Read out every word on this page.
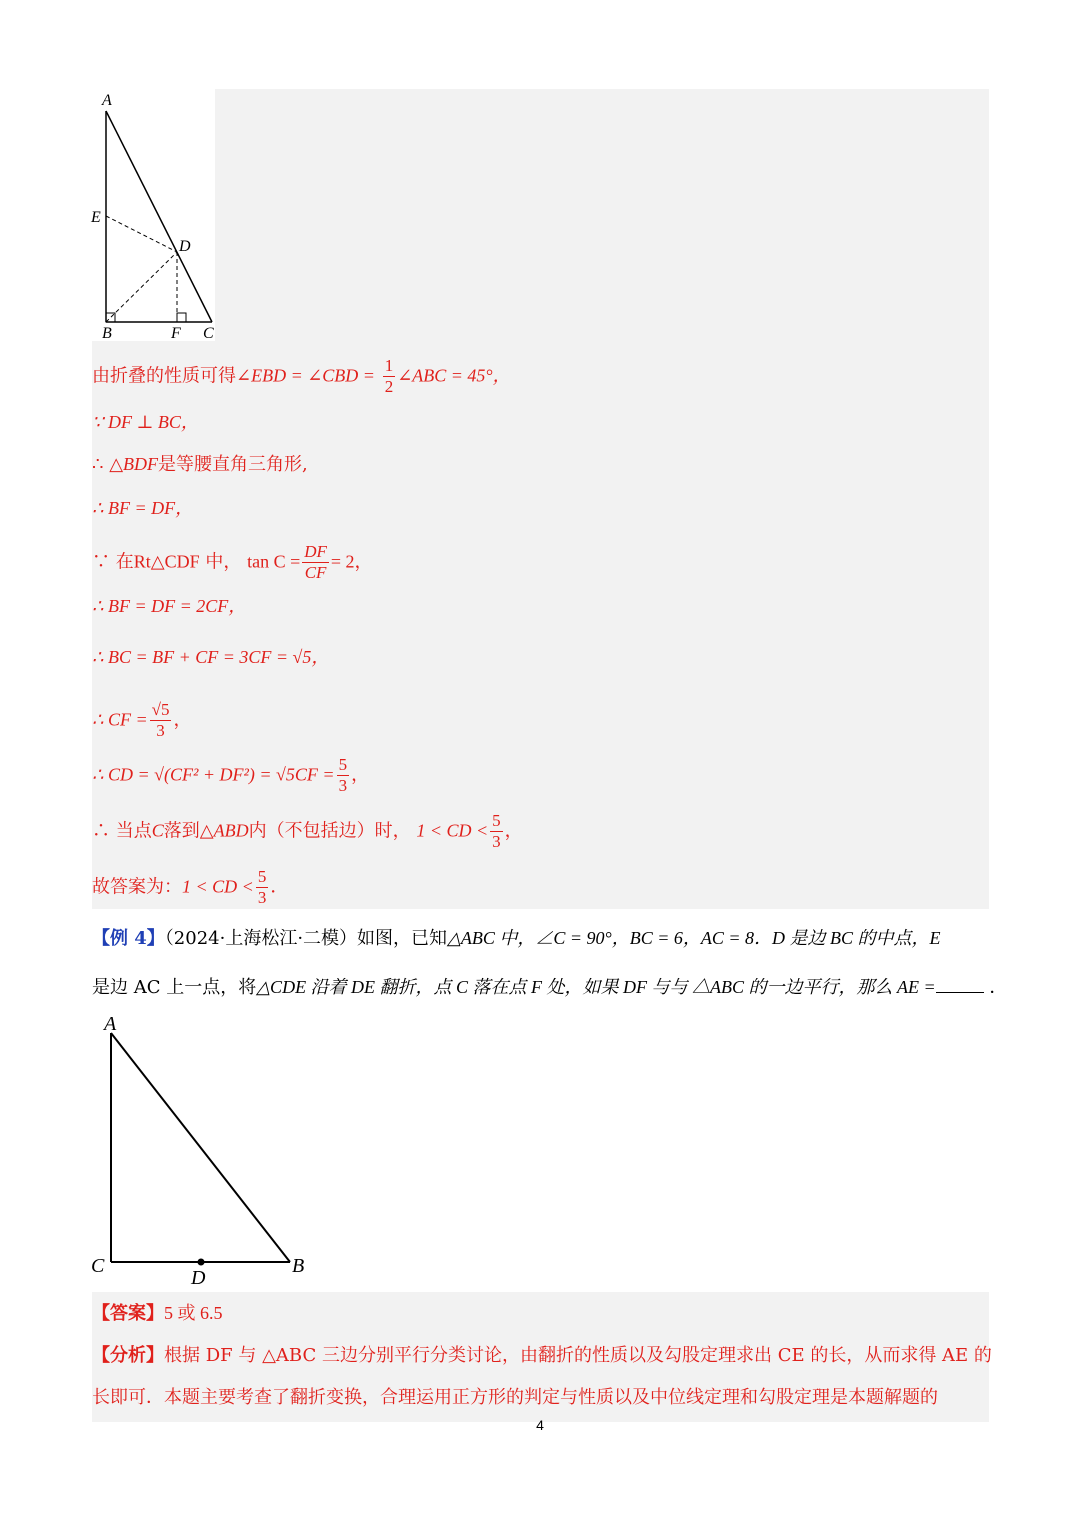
A
E
D
B	F C
由折叠的性质可得∠EBD = ∠CBD = $\frac{1}{2}$ ∠ABC = 45°，
∵ DF ⊥ BC，
∴ △BDF是等腰直角三角形,
∴ BF = DF，
∵ 在Rt△CDF 中， $\tan C = \frac{DF}{CF} = 2$，
∴ BF = DF = 2CF，
∴ BC = BF + CF = 3CF = √5，
∴ CF = $\frac{√5}{3}$ ，
∴ CD = $√(CF^2 + DF^2) = √5CF = \frac{5}{3}$ ，
∴ 当点C落到△ABD内（不包括边）时， 1 < CD < $\frac{5}{3}$ ，
故答案为：1 < CD < $\frac{5}{3}$ ．
【例 4】（2024·上海松江·二模）如图，已知△ABC 中，∠C = 90°，BC = 6，AC = 8．D 是边 BC 的中点，E
是边 AC 上一点，将△CDE 沿着 DE 翻折，点 C 落在点 F 处，如果 DF 与与 △ABC 的一边平行，那么 AE =	．
A
C
D
B
【答案】5 或 6.5
【分析】根据 DF 与 △ABC 三边分别平行分类讨论，由翻折的性质以及勾股定理求出 CE 的长，从而求得 AE 的
长即可．本题主要考查了翻折变换，合理运用正方形的判定与性质以及中位线定理和勾股定理是本题解题的
4
